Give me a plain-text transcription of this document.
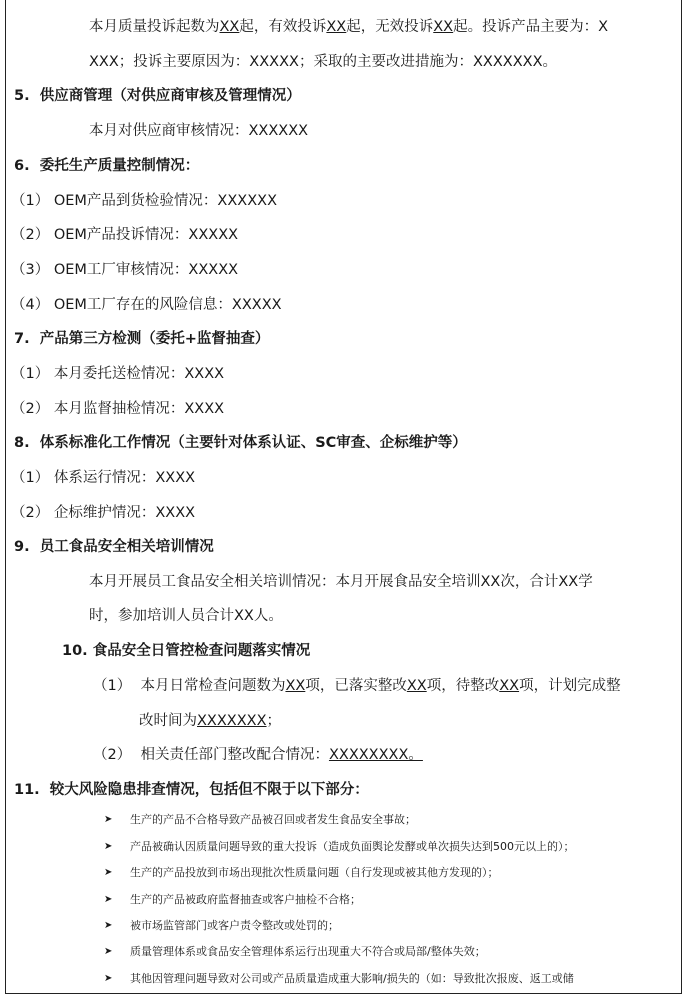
本月质量投诉起数为XX起，有效投诉XX起，无效投诉XX起。投诉产品主要为：X
XXX；投诉主要原因为：XXXXX；采取的主要改进措施为：XXXXXXX。
5. 供应商管理（对供应商审核及管理情况）
本月对供应商审核情况：XXXXXX
6. 委托生产质量控制情况：
（1） OEM产品到货检验情况：XXXXXX
（2） OEM产品投诉情况：XXXXX
（3） OEM工厂审核情况：XXXXX
（4） OEM工厂存在的风险信息：XXXXX
7. 产品第三方检测（委托+监督抽查）
（1） 本月委托送检情况：XXXX
（2） 本月监督抽检情况：XXXX
8. 体系标准化工作情况（主要针对体系认证、SC审查、企标维护等）
（1） 体系运行情况：XXXX
（2） 企标维护情况：XXXX
9. 员工食品安全相关培训情况
本月开展员工食品安全相关培训情况：本月开展食品安全培训XX次，合计XX学
时，参加培训人员合计XX人。
10. 食品安全日管控检查问题落实情况
（1） 本月日常检查问题数为XX项，已落实整改XX项，待整改XX项，计划完成整
改时间为XXXXXXX；
（2） 相关责任部门整改配合情况：XXXXXXXX。
11. 较大风险隐患排查情况，包括但不限于以下部分：
➤ 生产的产品不合格导致产品被召回或者发生食品安全事故；
➤ 产品被确认因质量问题导致的重大投诉（造成负面舆论发酵或单次损失达到500元以上的）；
➤ 生产的产品投放到市场出现批次性质量问题（自行发现或被其他方发现的）；
➤ 生产的产品被政府监督抽查或客户抽检不合格；
➤ 被市场监管部门或客户责令整改或处罚的；
➤ 质量管理体系或食品安全管理体系运行出现重大不符合或局部/整体失效；
➤ 其他因管理问题导致对公司或产品质量造成重大影响/损失的（如：导致批次报废、返工或储
